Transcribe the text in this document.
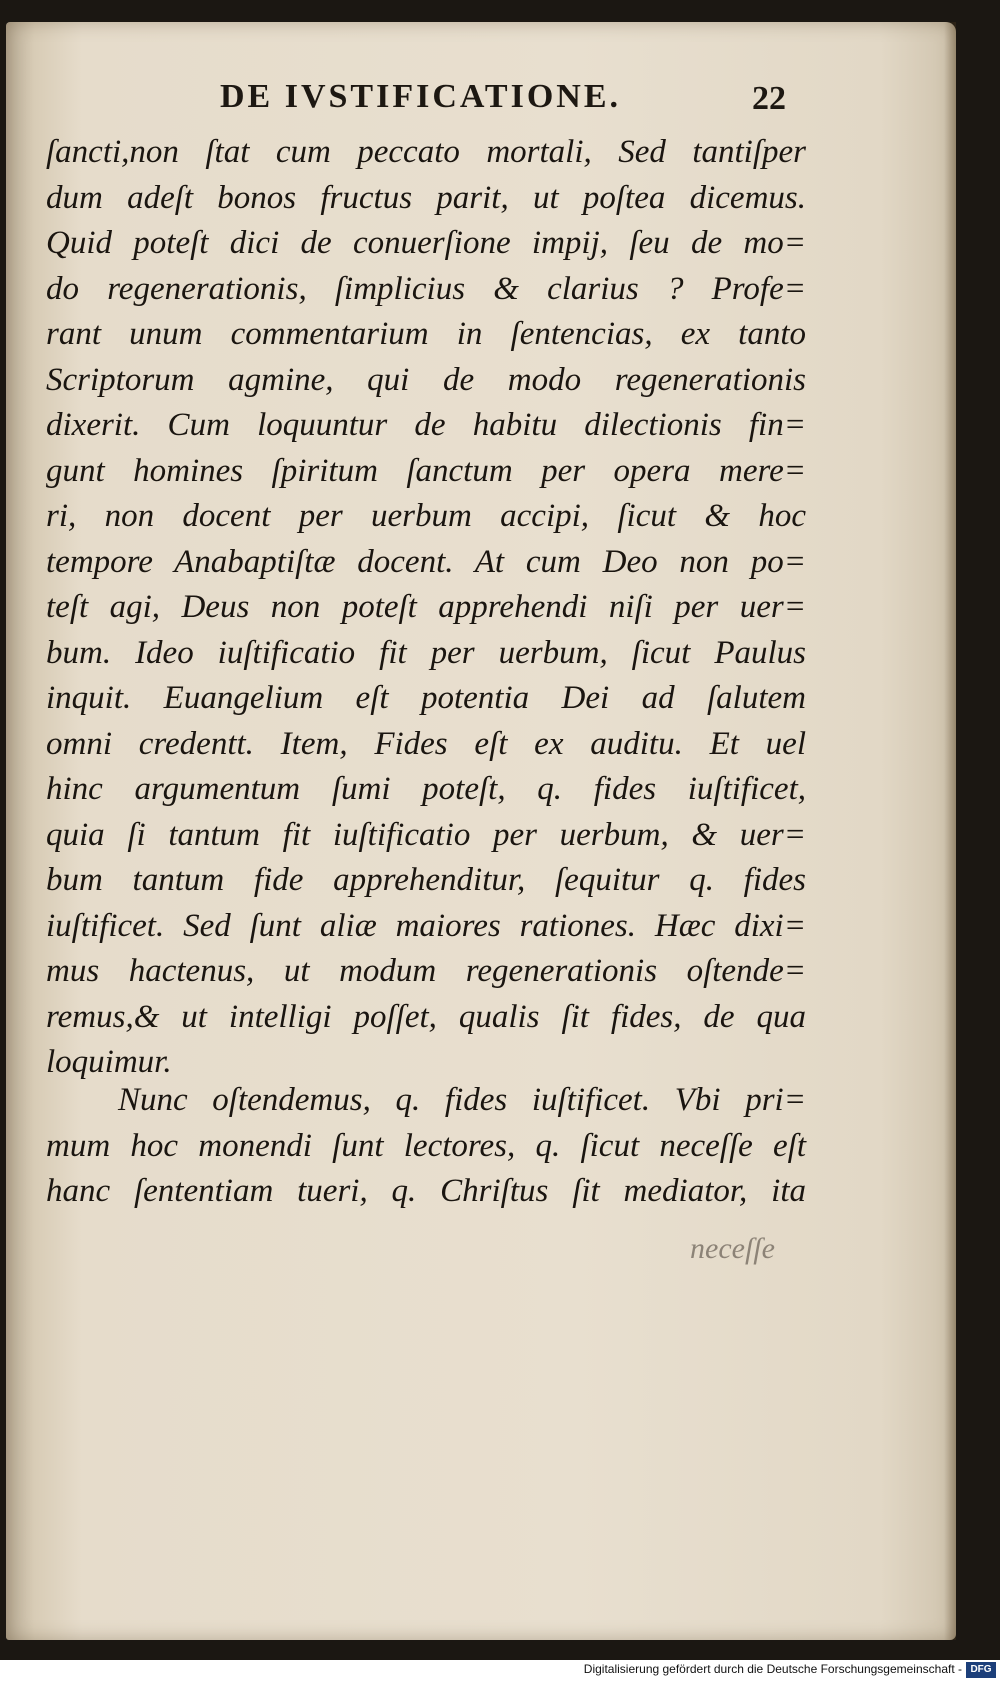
DE IVSTIFICATIONE.	22
ſancti,non ſtat cum peccato mortali, Sed tantiſper
dum adeſt bonos fructus parit, ut poſtea dicemus.
Quid poteſt dici de conuerſione impij, ſeu de mo=
do regenerationis, ſimplicius & clarius ? Profe=
rant unum commentarium in ſentencias, ex tanto
Scriptorum agmine, qui de modo regenerationis
dixerit. Cum loquuntur de habitu dilectionis fin=
gunt homines ſpiritum ſanctum per opera mere=
ri, non docent per uerbum accipi, ſicut & hoc
tempore Anabaptiſtæ docent. At cum Deo non po=
teſt agi, Deus non poteſt apprehendi niſi per uer=
bum. Ideo iuſtificatio fit per uerbum, ſicut Paulus
inquit. Euangelium eſt potentia Dei ad ſalutem
omni credentt. Item, Fides eſt ex auditu. Et uel
hinc argumentum ſumi poteſt, q. fides iuſtificet,
quia ſi tantum fit iuſtificatio per uerbum, & uer=
bum tantum fide apprehenditur, ſequitur q. fides
iuſtificet. Sed ſunt aliæ maiores rationes. Hæc dixi=
mus hactenus, ut modum regenerationis oſtende=
remus,& ut intelligi poſſet, qualis ſit fides, de qua
loquimur.
Nunc oſtendemus, q. fides iuſtificet. Vbi pri=
mum hoc monendi ſunt lectores, q. ſicut neceſſe eſt
hanc ſententiam tueri, q. Chriſtus ſit mediator, ita
neceſſe
Digitalisierung gefördert durch die Deutsche Forschungsgemeinschaft - DFG
